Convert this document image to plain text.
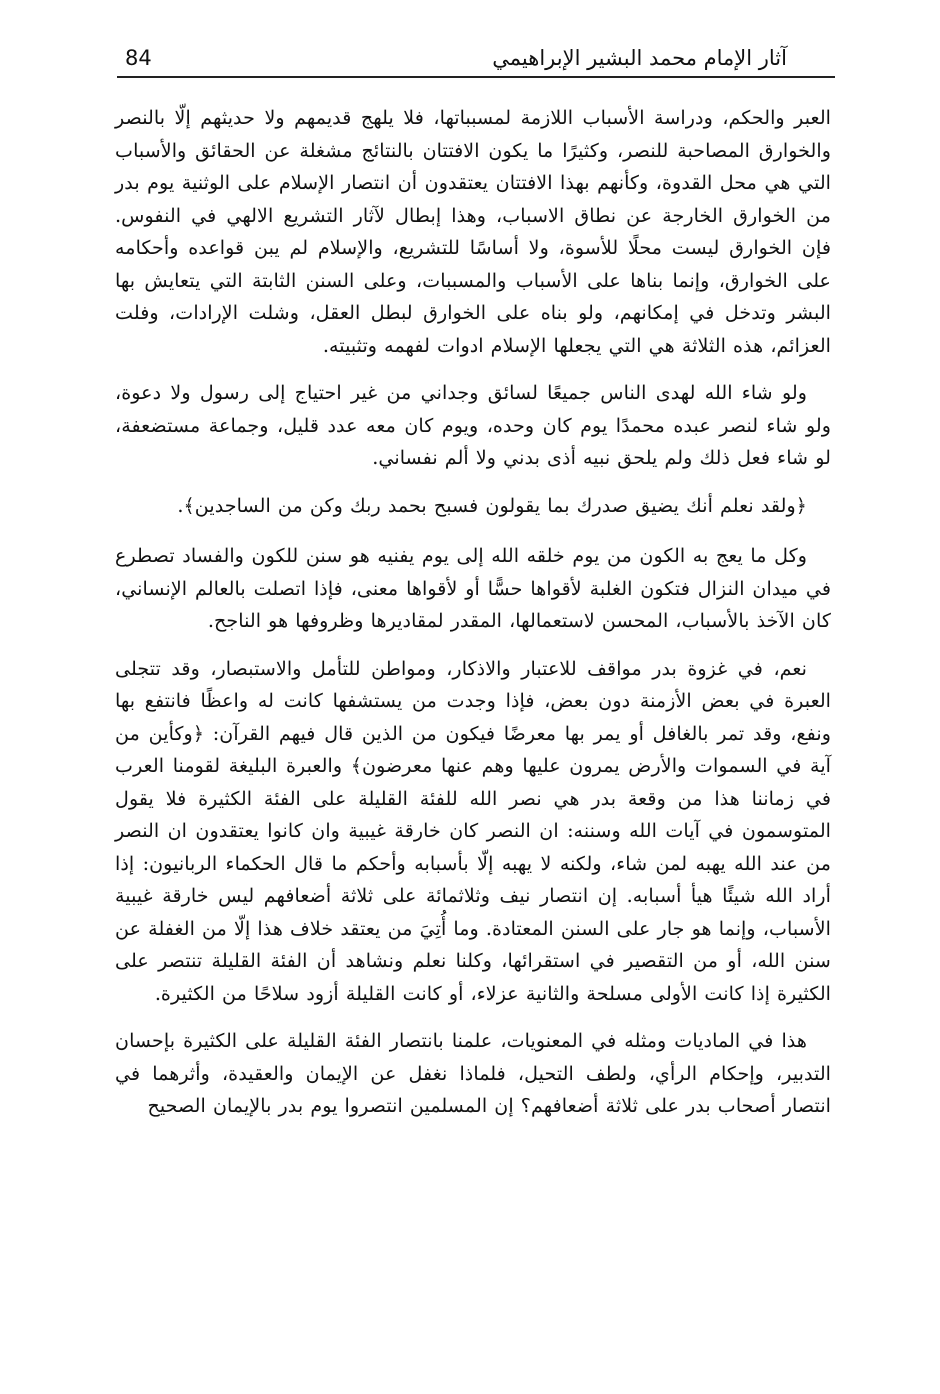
84	آثار الإمام محمد البشير الإبراهيمي

العبر والحكم، ودراسة الأسباب اللازمة لمسبباتها، فلا يلهج قديمهم ولا حديثهم إلّا بالنصر والخوارق المصاحبة للنصر، وكثيرًا ما يكون الافتتان بالنتائج مشغلة عن الحقائق والأسباب التي هي محل القدوة، وكأنهم بهذا الافتتان يعتقدون أن انتصار الإسلام على الوثنية يوم بدر من الخوارق الخارجة عن نطاق الاسباب، وهذا إبطال لآثار التشريع الالهي في النفوس. فإن الخوارق ليست محلًا للأسوة، ولا أساسًا للتشريع، والإسلام لم يبن قواعده وأحكامه على الخوارق، وإنما بناها على الأسباب والمسببات، وعلى السنن الثابتة التي يتعايش بها البشر وتدخل في إمكانهم، ولو بناه على الخوارق لبطل العقل، وشلت الإرادات، وفلت العزائم، هذه الثلاثة هي التي يجعلها الإسلام ادوات لفهمه وتثبيته.

ولو شاء الله لهدى الناس جميعًا لسائق وجداني من غير احتياج إلى رسول ولا دعوة، ولو شاء لنصر عبده محمدًا يوم كان وحده، ويوم كان معه عدد قليل، وجماعة مستضعفة، لو شاء فعل ذلك ولم يلحق نبيه أذى بدني ولا ألم نفساني.

﴿ولقد نعلم أنك يضيق صدرك بما يقولون فسبح بحمد ربك وكن من الساجدين﴾.

وكل ما يعج به الكون من يوم خلقه الله إلى يوم يفنيه هو سنن للكون والفساد تصطرع في ميدان النزال فتكون الغلبة لأقواها حسًّا أو لأقواها معنى، فإذا اتصلت بالعالم الإنساني، كان الآخذ بالأسباب، المحسن لاستعمالها، المقدر لمقاديرها وظروفها هو الناجح.

نعم، في غزوة بدر مواقف للاعتبار والاذكار، ومواطن للتأمل والاستبصار، وقد تتجلى العبرة في بعض الأزمنة دون بعض، فإذا وجدت من يستشفها كانت له واعظًا فانتفع بها ونفع، وقد تمر بالغافل أو يمر بها معرضًا فيكون من الذين قال فيهم القرآن: ﴿وكأين من آية في السموات والأرض يمرون عليها وهم عنها معرضون﴾ والعبرة البليغة لقومنا العرب في زماننا هذا من وقعة بدر هي نصر الله للفئة القليلة على الفئة الكثيرة فلا يقول المتوسمون في آيات الله وسننه: ان النصر كان خارقة غيبية وان كانوا يعتقدون ان النصر من عند الله يهبه لمن شاء، ولكنه لا يهبه إلّا بأسبابه وأحكم ما قال الحكماء الربانيون: إذا أراد الله شيئًا هيأ أسبابه. إن انتصار نيف وثلاثمائة على ثلاثة أضعافهم ليس خارقة غيبية الأسباب، وإنما هو جار على السنن المعتادة. وما أُتِيَ من يعتقد خلاف هذا إلّا من الغفلة عن سنن الله، أو من التقصير في استقرائها، وكلنا نعلم ونشاهد أن الفئة القليلة تنتصر على الكثيرة إذا كانت الأولى مسلحة والثانية عزلاء، أو كانت القليلة أزود سلاحًا من الكثيرة.

هذا في الماديات ومثله في المعنويات، علمنا بانتصار الفئة القليلة على الكثيرة بإحسان التدبير، وإحكام الرأي، ولطف التحيل، فلماذا نغفل عن الإيمان والعقيدة، وأثرهما في انتصار أصحاب بدر على ثلاثة أضعافهم؟ إن المسلمين انتصروا يوم بدر بالإيمان الصحيح
